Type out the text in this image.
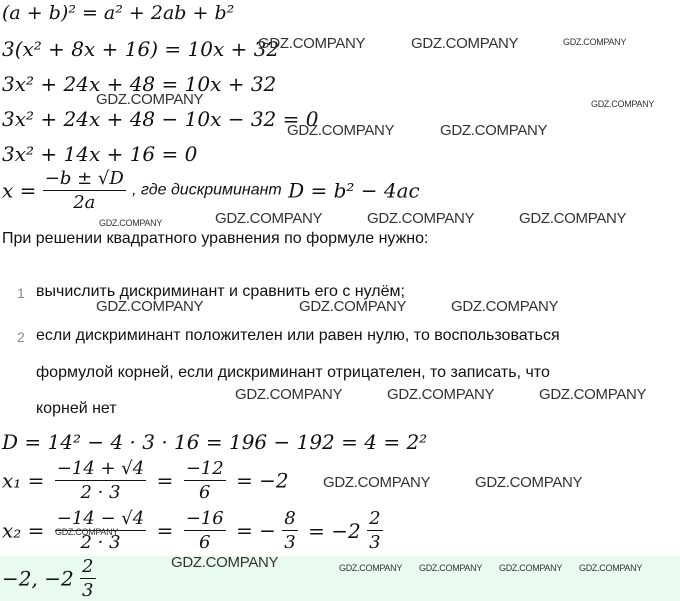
(a + b)² = a² + 2ab + b²
3(x² + 8x + 16) = 10x + 32
3x² + 24x + 48 = 10x + 32
3x² + 24x + 48 − 10x − 32 = 0
3x² + 14x + 16 = 0
$x = \frac{-b \pm √D}{2a}$ , где дискриминант D = b² − 4ac
При решении квадратного уравнения по формуле нужно:
1 вычислить дискриминант и сравнить его с нулём;
2 если дискриминант положителен или равен нулю, то воспользоваться
формулой корней, если дискриминант отрицателен, то записать, что
корней нет
D = 14² − 4 · 3 · 16 = 196 − 192 = 4 = 2²
$x_1 = \frac{-14 + √4}{2 \cdot 3} = \frac{-12}{6} = -2$
$x_2 = \frac{-14 - √4}{2 \cdot 3} = \frac{-16}{6}$ = − $\frac{8}{3} = -2 \frac{2}{3}$
−2, $-2 \frac{2}{3}$
GDZ.COMPANY	GDZ.COMPANY	GDZ.COMPANY
GDZ.COMPANY	GDZ.COMPANY
GDZ.COMPANY	GDZ.COMPANY
GDZ.COMPANY	GDZ.COMPANY	GDZ.COMPANY	GDZ.COMPANY
GDZ.COMPANY	GDZ.COMPANY	GDZ.COMPANY
GDZ.COMPANY	GDZ.COMPANY	GDZ.COMPANY
GDZ.COMPANY	GDZ.COMPANY
GDZ.COMPANY
GDZ.COMPANY	GDZ.COMPANY GDZ.COMPANY GDZ.COMPANY GDZ.COMPANY
